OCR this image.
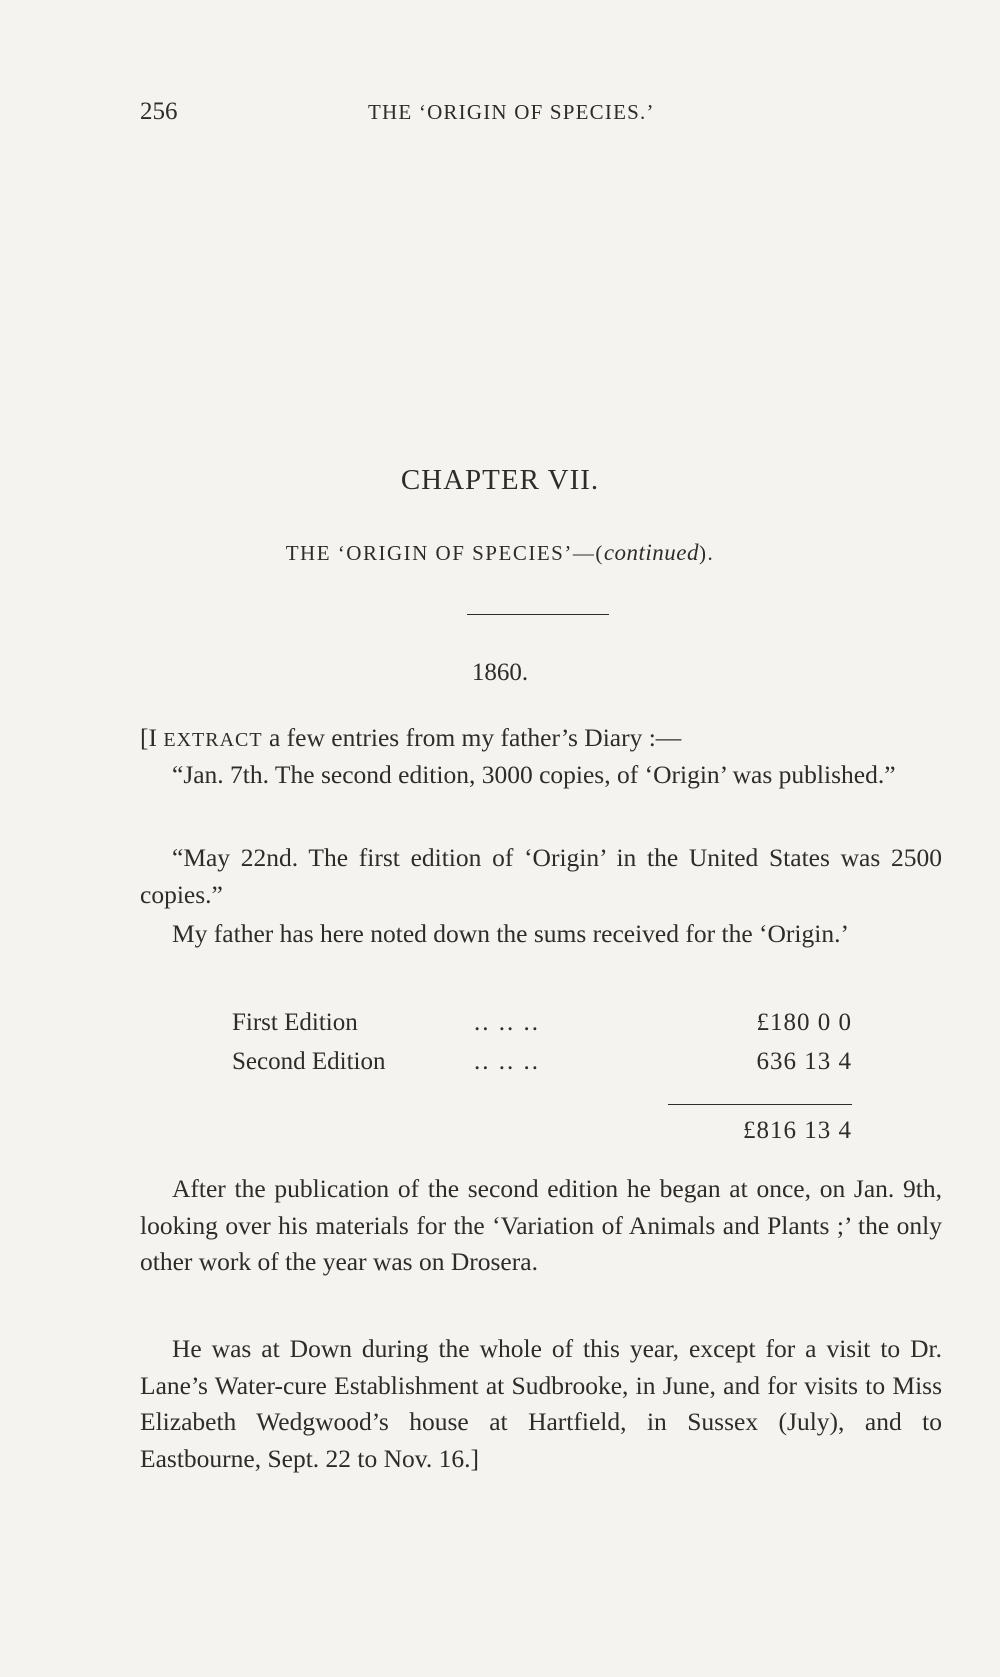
256	THE ‘ORIGIN OF SPECIES.’
CHAPTER VII.
THE ‘ORIGIN OF SPECIES’—(continued).
1860.

[I EXTRACT a few entries from my father’s Diary :—

“Jan. 7th. The second edition, 3000 copies, of ‘Origin’ was published.”

“May 22nd. The first edition of ‘Origin’ in the United States was 2500 copies.”

My father has here noted down the sums received for the ‘Origin.’

First Edition	.. .. ..	£180 0 0
Second Edition	.. .. ..	636 13 4
£816 13 4

After the publication of the second edition he began at once, on Jan. 9th, looking over his materials for the ‘Variation of Animals and Plants ;’ the only other work of the year was on Drosera.

He was at Down during the whole of this year, except for a visit to Dr. Lane’s Water-cure Establishment at Sudbrooke, in June, and for visits to Miss Elizabeth Wedgwood’s house at Hartfield, in Sussex (July), and to Eastbourne, Sept. 22 to Nov. 16.]
